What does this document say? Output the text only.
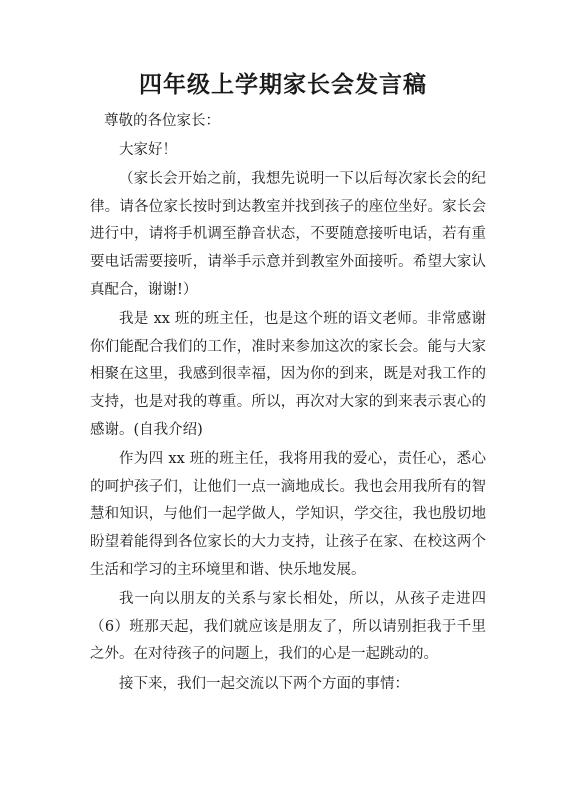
四年级上学期家长会发言稿

尊敬的各位家长：

大家好！

（家长会开始之前，我想先说明一下以后每次家长会的纪律。请各位家长按时到达教室并找到孩子的座位坐好。家长会进行中，请将手机调至静音状态，不要随意接听电话，若有重要电话需要接听，请举手示意并到教室外面接听。希望大家认真配合，谢谢!）

我是 xx 班的班主任，也是这个班的语文老师。非常感谢你们能配合我们的工作，准时来参加这次的家长会。能与大家相聚在这里，我感到很幸福，因为你的到来，既是对我工作的支持，也是对我的尊重。所以，再次对大家的到来表示衷心的感谢。(自我介绍)

作为四 xx 班的班主任，我将用我的爱心，责任心，悉心的呵护孩子们，让他们一点一滴地成长。我也会用我所有的智慧和知识，与他们一起学做人，学知识，学交往，我也殷切地盼望着能得到各位家长的大力支持，让孩子在家、在校这两个生活和学习的主环境里和谐、快乐地发展。

我一向以朋友的关系与家长相处，所以，从孩子走进四（6）班那天起，我们就应该是朋友了，所以请别拒我于千里之外。在对待孩子的问题上，我们的心是一起跳动的。

接下来，我们一起交流以下两个方面的事情：
